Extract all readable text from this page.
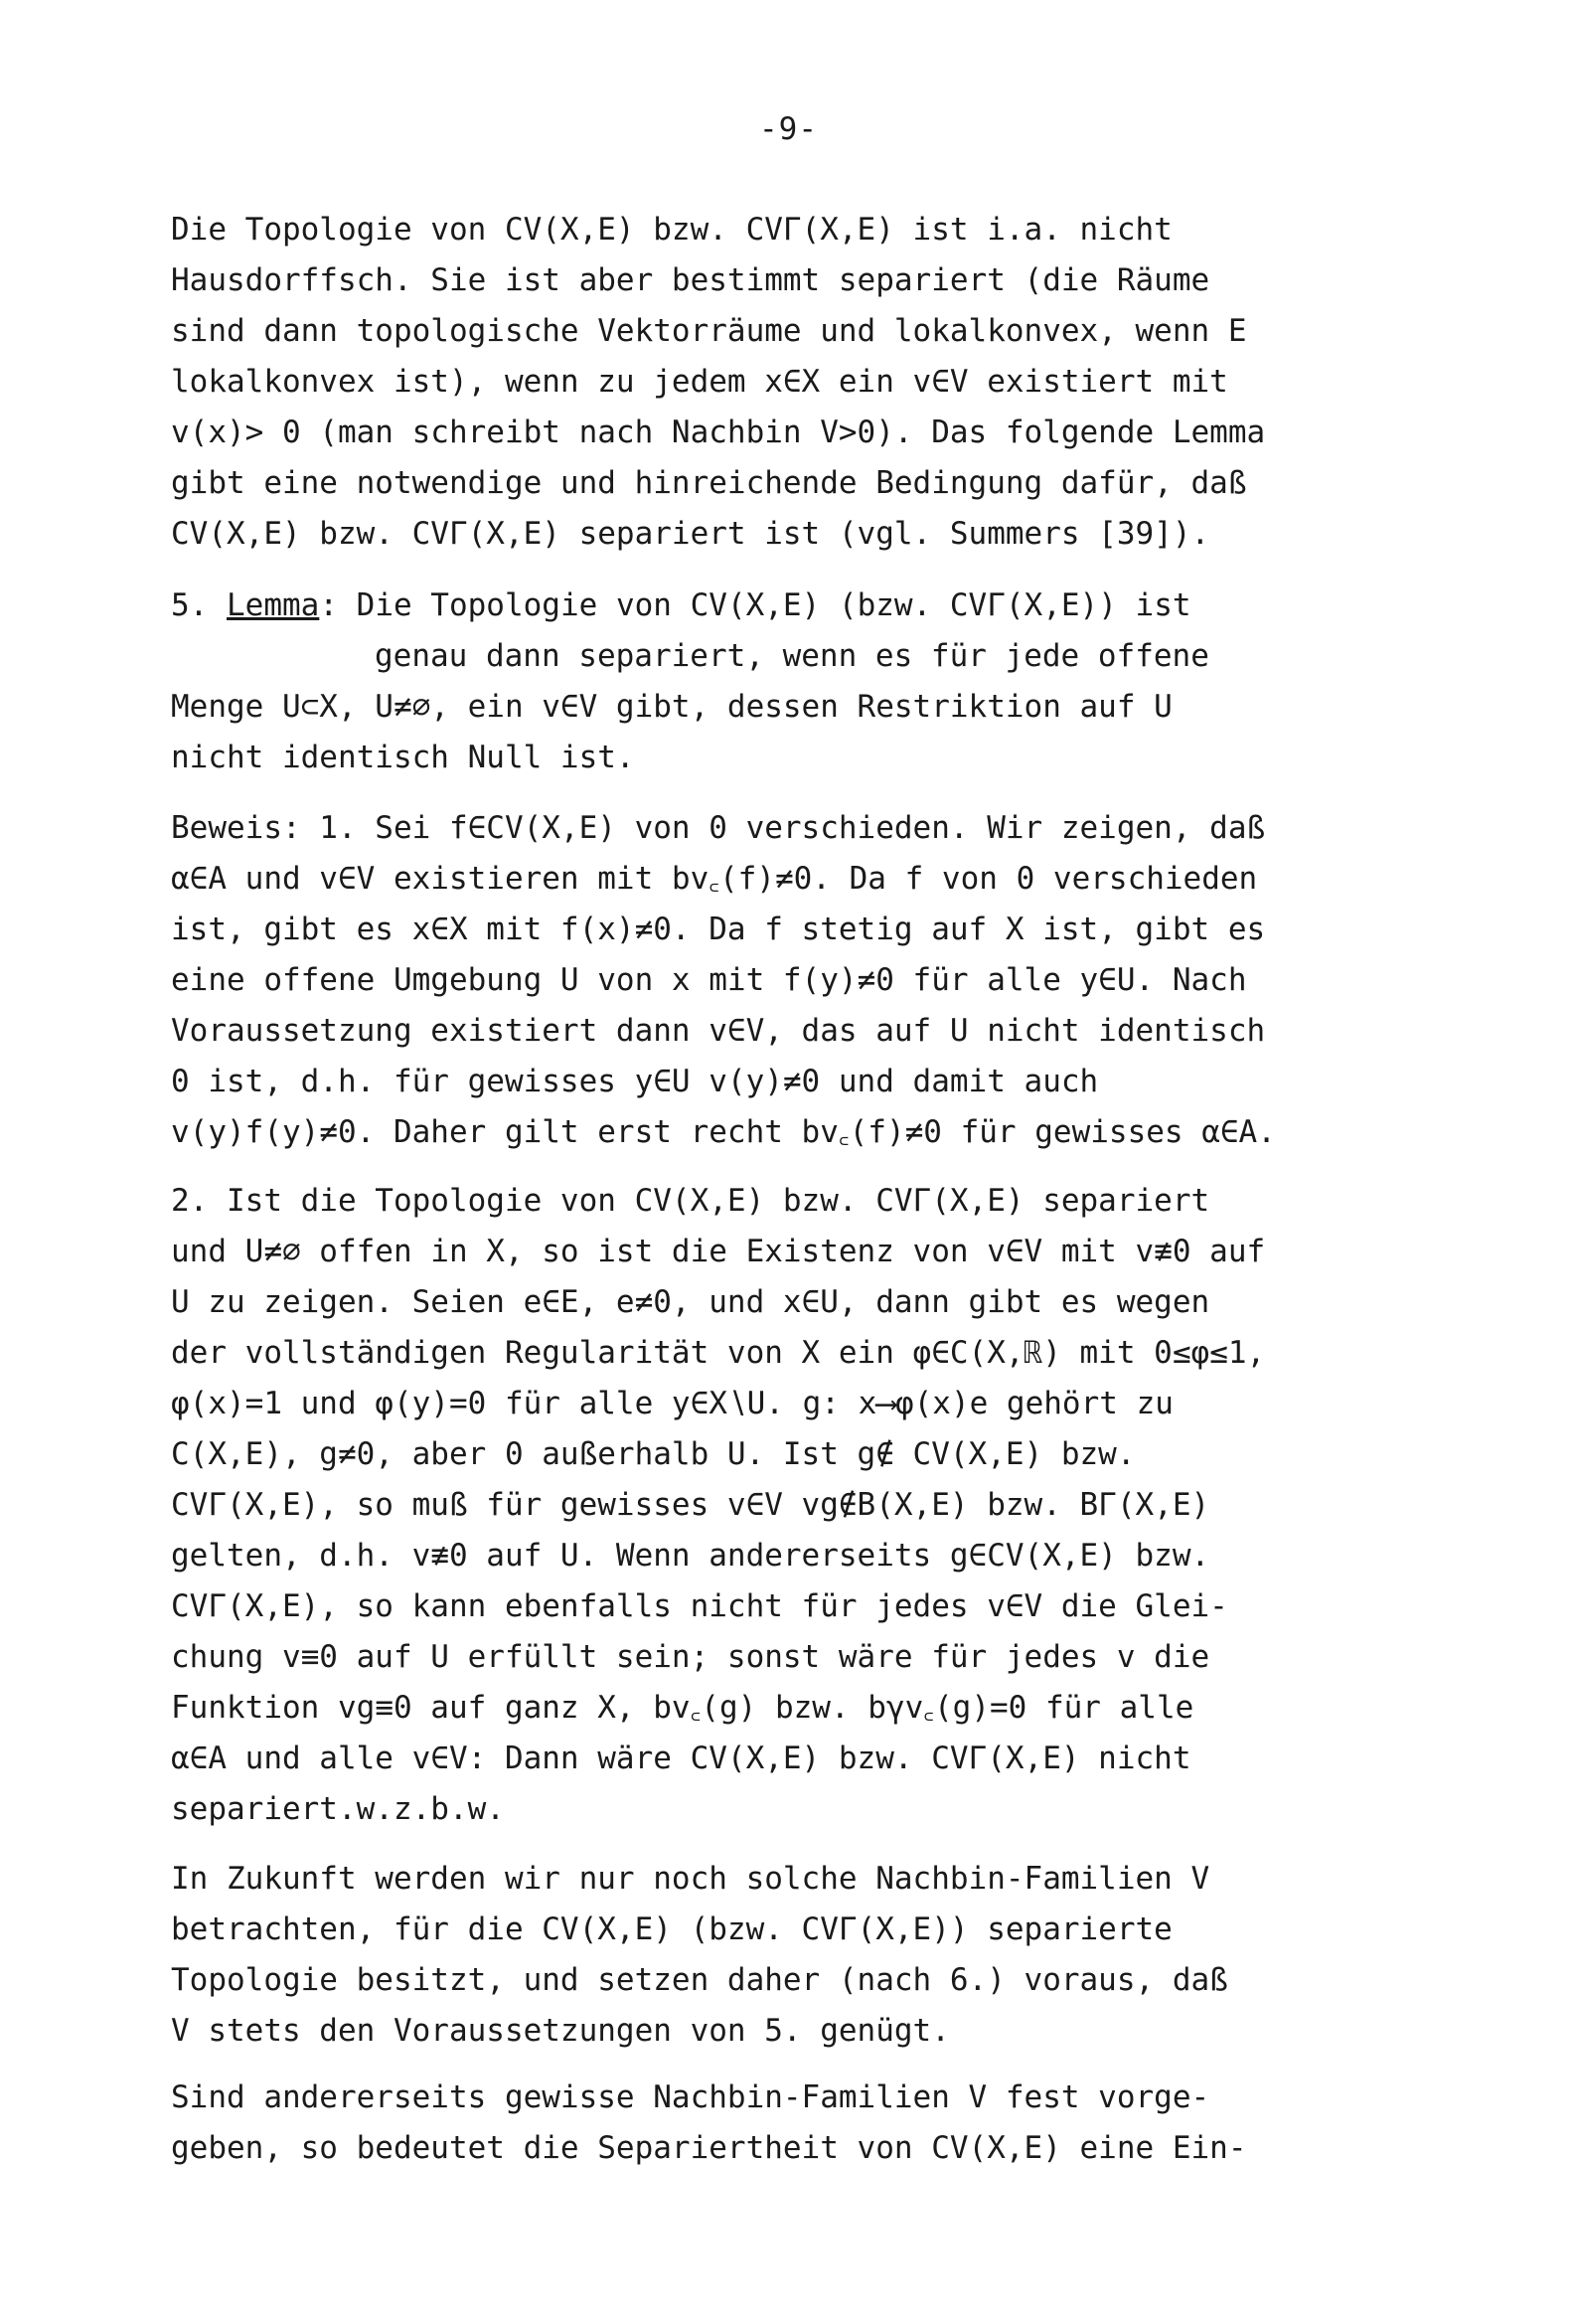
-9-
Die Topologie von CV(X,E) bzw. CVΓ(X,E) ist i.a. nicht
Hausdorffsch. Sie ist aber bestimmt separiert (die Räume
sind dann topologische Vektorräume und lokalkonvex, wenn E
lokalkonvex ist), wenn zu jedem x∈X ein v∈V existiert mit
v(x)> 0 (man schreibt nach Nachbin V>0). Das folgende Lemma
gibt eine notwendige und hinreichende Bedingung dafür, daß
CV(X,E) bzw. CVΓ(X,E) separiert ist (vgl. Summers [39]).
5. Lemma: Die Topologie von CV(X,E) (bzw. CVΓ(X,E)) ist
genau dann separiert, wenn es für jede offene
Menge U⊂X, U≠∅, ein v∈V gibt, dessen Restriktion auf U
nicht identisch Null ist.
Beweis: 1. Sei f∈CV(X,E) von 0 verschieden. Wir zeigen, daß
α∈A und v∈V existieren mit bv꜀(f)≠0. Da f von 0 verschieden
ist, gibt es x∈X mit f(x)≠0. Da f stetig auf X ist, gibt es
eine offene Umgebung U von x mit f(y)≠0 für alle y∈U. Nach
Voraussetzung existiert dann v∈V, das auf U nicht identisch
0 ist, d.h. für gewisses y∈U v(y)≠0 und damit auch
v(y)f(y)≠0. Daher gilt erst recht bv꜀(f)≠0 für gewisses α∈A.
2. Ist die Topologie von CV(X,E) bzw. CVΓ(X,E) separiert
und U≠∅ offen in X, so ist die Existenz von v∈V mit v≢0 auf
U zu zeigen. Seien e∈E, e≠0, und x∈U, dann gibt es wegen
der vollständigen Regularität von X ein φ∈C(X,ℝ) mit 0≤φ≤1,
φ(x)=1 und φ(y)=0 für alle y∈X∖U. g: x⟶φ(x)e gehört zu
C(X,E), g≠0, aber 0 außerhalb U. Ist g∉ CV(X,E) bzw.
CVΓ(X,E), so muß für gewisses v∈V vg∉B(X,E) bzw. BΓ(X,E)
gelten, d.h. v≢0 auf U. Wenn andererseits g∈CV(X,E) bzw.
CVΓ(X,E), so kann ebenfalls nicht für jedes v∈V die Glei-
chung v≡0 auf U erfüllt sein; sonst wäre für jedes v die
Funktion vg≡0 auf ganz X, bv꜀(g) bzw. bγv꜀(g)=0 für alle
α∈A und alle v∈V: Dann wäre CV(X,E) bzw. CVΓ(X,E) nicht
separiert.w.z.b.w.
In Zukunft werden wir nur noch solche Nachbin-Familien V
betrachten, für die CV(X,E) (bzw. CVΓ(X,E)) separierte
Topologie besitzt, und setzen daher (nach 6.) voraus, daß
V stets den Voraussetzungen von 5. genügt.
Sind andererseits gewisse Nachbin-Familien V fest vorge-
geben, so bedeutet die Separiertheit von CV(X,E) eine Ein-
